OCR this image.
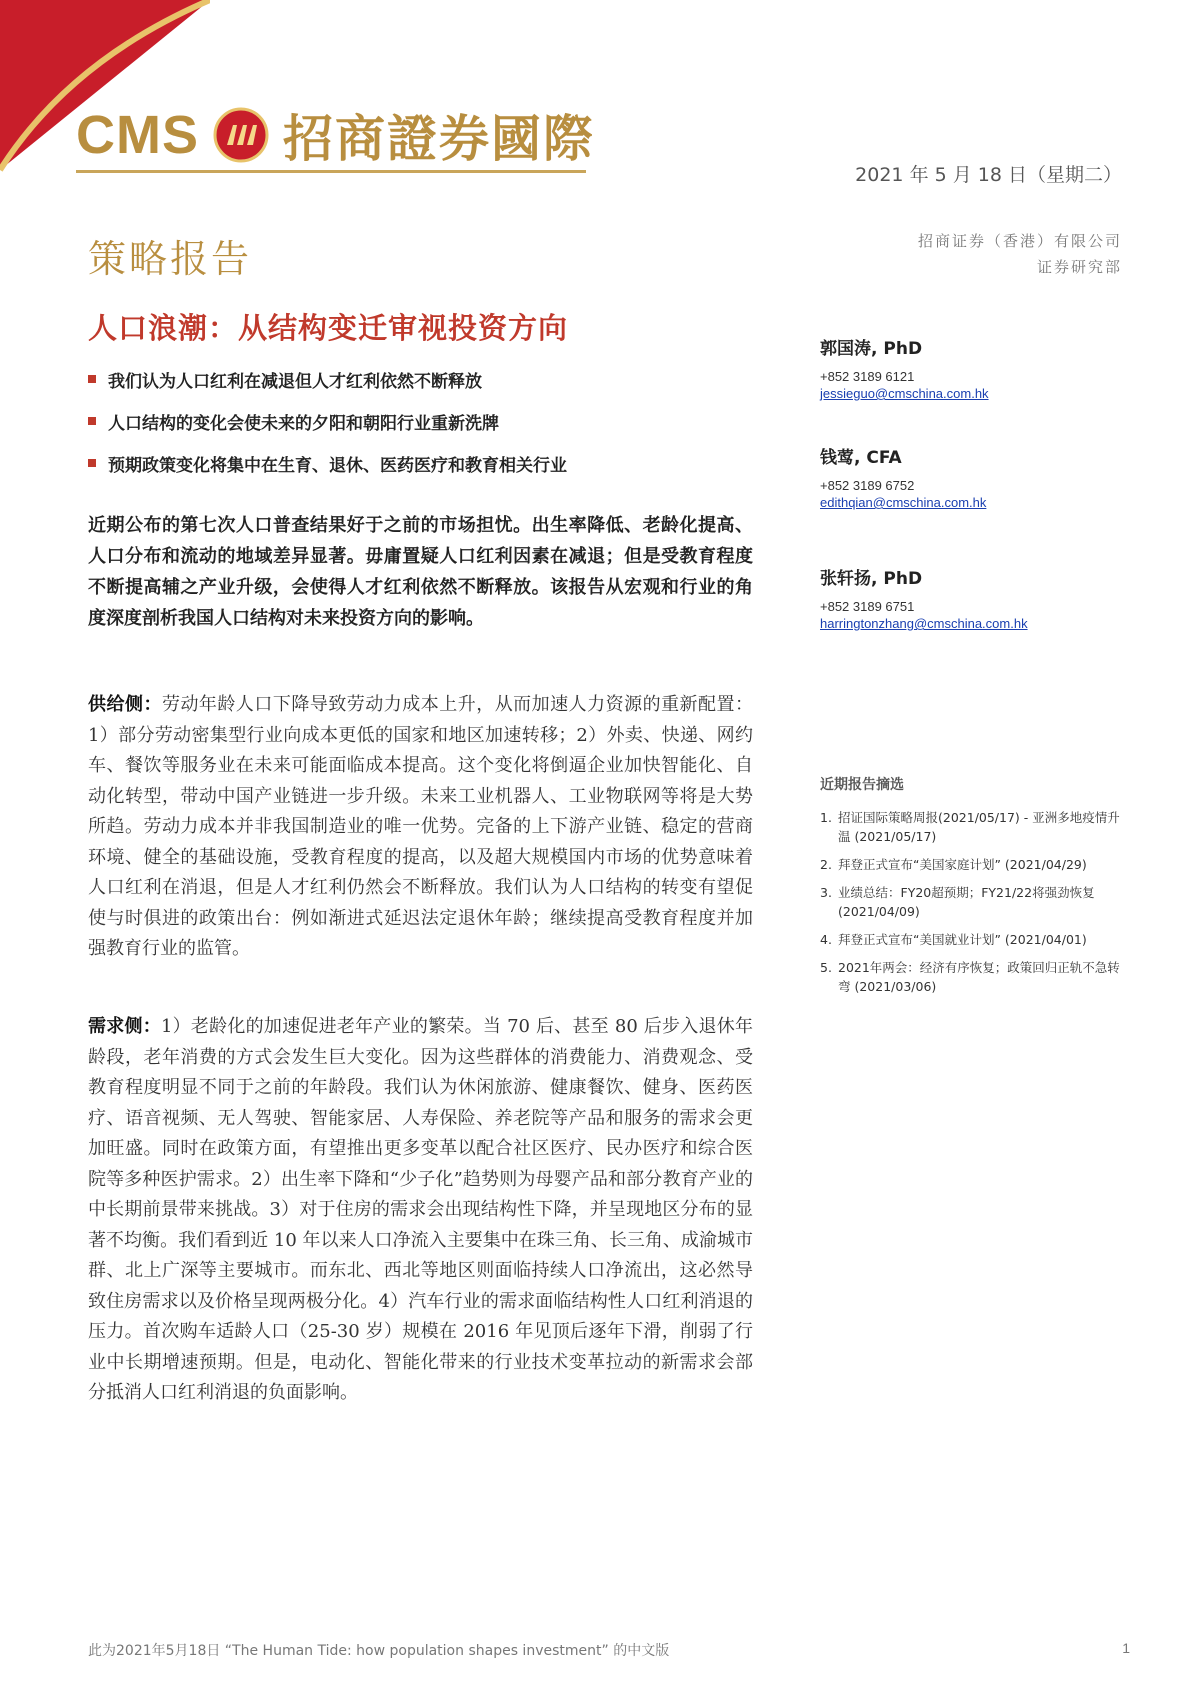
CMS 招商證券國際
2021 年 5 月 18 日（星期二）
策略报告	招商证券（香港）有限公司
证券研究部
人口浪潮：从结构变迁审视投资方向
我们认为人口红利在减退但人才红利依然不断释放
人口结构的变化会使未来的夕阳和朝阳行业重新洗牌
预期政策变化将集中在生育、退休、医药医疗和教育相关行业
近期公布的第七次人口普查结果好于之前的市场担忧。出生率降低、老龄化提高、人口分布和流动的地域差异显著。毋庸置疑人口红利因素在减退；但是受教育程度不断提高辅之产业升级，会使得人才红利依然不断释放。该报告从宏观和行业的角度深度剖析我国人口结构对未来投资方向的影响。
供给侧：劳动年龄人口下降导致劳动力成本上升，从而加速人力资源的重新配置：1）部分劳动密集型行业向成本更低的国家和地区加速转移；2）外卖、快递、网约车、餐饮等服务业在未来可能面临成本提高。这个变化将倒逼企业加快智能化、自动化转型，带动中国产业链进一步升级。未来工业机器人、工业物联网等将是大势所趋。劳动力成本并非我国制造业的唯一优势。完备的上下游产业链、稳定的营商环境、健全的基础设施，受教育程度的提高，以及超大规模国内市场的优势意味着人口红利在消退，但是人才红利仍然会不断释放。我们认为人口结构的转变有望促使与时俱进的政策出台：例如渐进式延迟法定退休年龄；继续提高受教育程度并加强教育行业的监管。
需求侧：1）老龄化的加速促进老年产业的繁荣。当 70 后、甚至 80 后步入退休年龄段，老年消费的方式会发生巨大变化。因为这些群体的消费能力、消费观念、受教育程度明显不同于之前的年龄段。我们认为休闲旅游、健康餐饮、健身、医药医疗、语音视频、无人驾驶、智能家居、人寿保险、养老院等产品和服务的需求会更加旺盛。同时在政策方面，有望推出更多变革以配合社区医疗、民办医疗和综合医院等多种医护需求。2）出生率下降和“少子化”趋势则为母婴产品和部分教育产业的中长期前景带来挑战。3）对于住房的需求会出现结构性下降，并呈现地区分布的显著不均衡。我们看到近 10 年以来人口净流入主要集中在珠三角、长三角、成渝城市群、北上广深等主要城市。而东北、西北等地区则面临持续人口净流出，这必然导致住房需求以及价格呈现两极分化。4）汽车行业的需求面临结构性人口红利消退的压力。首次购车适龄人口（25-30 岁）规模在 2016 年见顶后逐年下滑，削弱了行业中长期增速预期。但是，电动化、智能化带来的行业技术变革拉动的新需求会部分抵消人口红利消退的负面影响。
郭国涛, PhD
+852 3189 6121
jessieguo@cmschina.com.hk
钱莺, CFA
+852 3189 6752
edithqian@cmschina.com.hk
张轩扬, PhD
+852 3189 6751
harringtonzhang@cmschina.com.hk
近期报告摘选
1. 招证国际策略周报(2021/05/17) - 亚洲多地疫情升温 (2021/05/17)
2. 拜登正式宣布“美国家庭计划” (2021/04/29)
3. 业绩总结：FY20超预期；FY21/22将强劲恢复 (2021/04/09)
4. 拜登正式宣布“美国就业计划” (2021/04/01)
5. 2021年两会：经济有序恢复；政策回归正轨不急转弯 (2021/03/06)
此为2021年5月18日 “The Human Tide: how population shapes investment” 的中文版	1
